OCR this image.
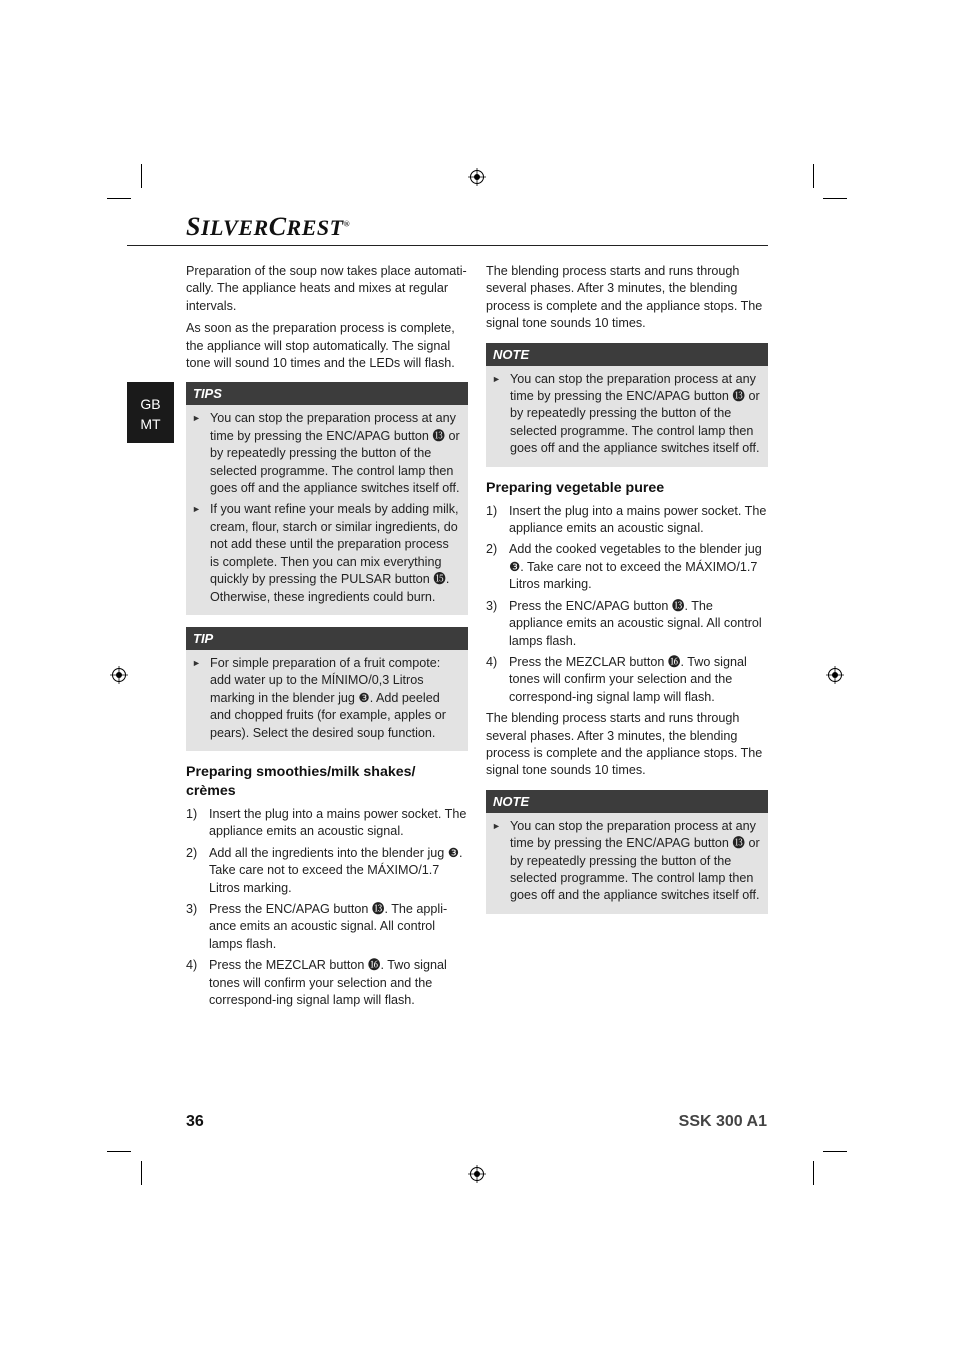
SILVERCREST®
GB
MT

Preparation of the soup now takes place automati-cally. The appliance heats and mixes at regular intervals.

As soon as the preparation process is complete, the appliance will stop automatically. The signal tone will sound 10 times and the LEDs will flash.

TIPS
► You can stop the preparation process at any time by pressing the ENC/APAG button ⓭ or by repeatedly pressing the button of the selected programme. The control lamp then goes off and the appliance switches itself off.
► If you want refine your meals by adding milk, cream, flour, starch or similar ingredients, do not add these until the preparation process is complete. Then you can mix everything quickly by pressing the PULSAR button ⓯. Otherwise, these ingredients could burn.
TIP
► For simple preparation of a fruit compote: add water up to the MÍNIMO/0,3 Litros marking in the blender jug ❸. Add peeled and chopped fruits (for example, apples or pears). Select the desired soup function.
Preparing smoothies/milk shakes/ crèmes
1) Insert the plug into a mains power socket. The appliance emits an acoustic signal.
2) Add all the ingredients into the blender jug ❸. Take care not to exceed the MÁXIMO/1.7 Litros marking.
3) Press the ENC/APAG button ⓭. The appli-ance emits an acoustic signal. All control lamps flash.
4) Press the MEZCLAR button ⓰. Two signal tones will confirm your selection and the correspond-ing signal lamp will flash.

The blending process starts and runs through several phases. After 3 minutes, the blending process is complete and the appliance stops. The signal tone sounds 10 times.

NOTE
► You can stop the preparation process at any time by pressing the ENC/APAG button ⓭ or by repeatedly pressing the button of the selected programme. The control lamp then goes off and the appliance switches itself off.
Preparing vegetable puree
1) Insert the plug into a mains power socket. The appliance emits an acoustic signal.
2) Add the cooked vegetables to the blender jug ❸. Take care not to exceed the MÁXIMO/1.7 Litros marking.
3) Press the ENC/APAG button ⓭. The appliance emits an acoustic signal. All control lamps flash.
4) Press the MEZCLAR button ⓰. Two signal tones will confirm your selection and the correspond-ing signal lamp will flash.

The blending process starts and runs through several phases. After 3 minutes, the blending process is complete and the appliance stops. The signal tone sounds 10 times.

NOTE
► You can stop the preparation process at any time by pressing the ENC/APAG button ⓭ or by repeatedly pressing the button of the selected programme. The control lamp then goes off and the appliance switches itself off.
36	SSK 300 A1
